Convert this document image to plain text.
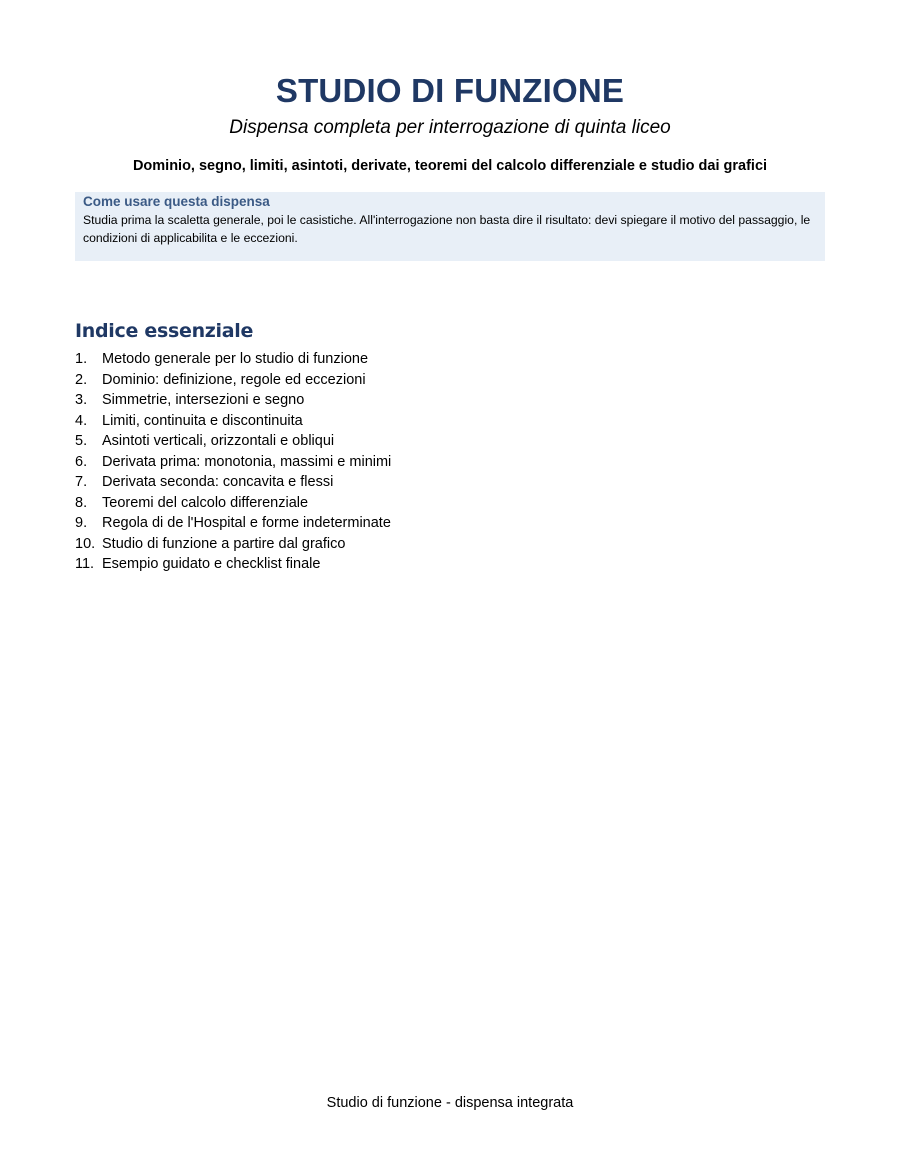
STUDIO DI FUNZIONE
Dispensa completa per interrogazione di quinta liceo
Dominio, segno, limiti, asintoti, derivate, teoremi del calcolo differenziale e studio dai grafici
Come usare questa dispensa
Studia prima la scaletta generale, poi le casistiche. All'interrogazione non basta dire il risultato: devi spiegare il motivo del passaggio, le condizioni di applicabilita e le eccezioni.
Indice essenziale
1.	Metodo generale per lo studio di funzione
2.	Dominio: definizione, regole ed eccezioni
3.	Simmetrie, intersezioni e segno
4.	Limiti, continuita e discontinuita
5.	Asintoti verticali, orizzontali e obliqui
6.	Derivata prima: monotonia, massimi e minimi
7.	Derivata seconda: concavita e flessi
8.	Teoremi del calcolo differenziale
9.	Regola di de l'Hospital e forme indeterminate
10. Studio di funzione a partire dal grafico
11. Esempio guidato e checklist finale
Studio di funzione - dispensa integrata
